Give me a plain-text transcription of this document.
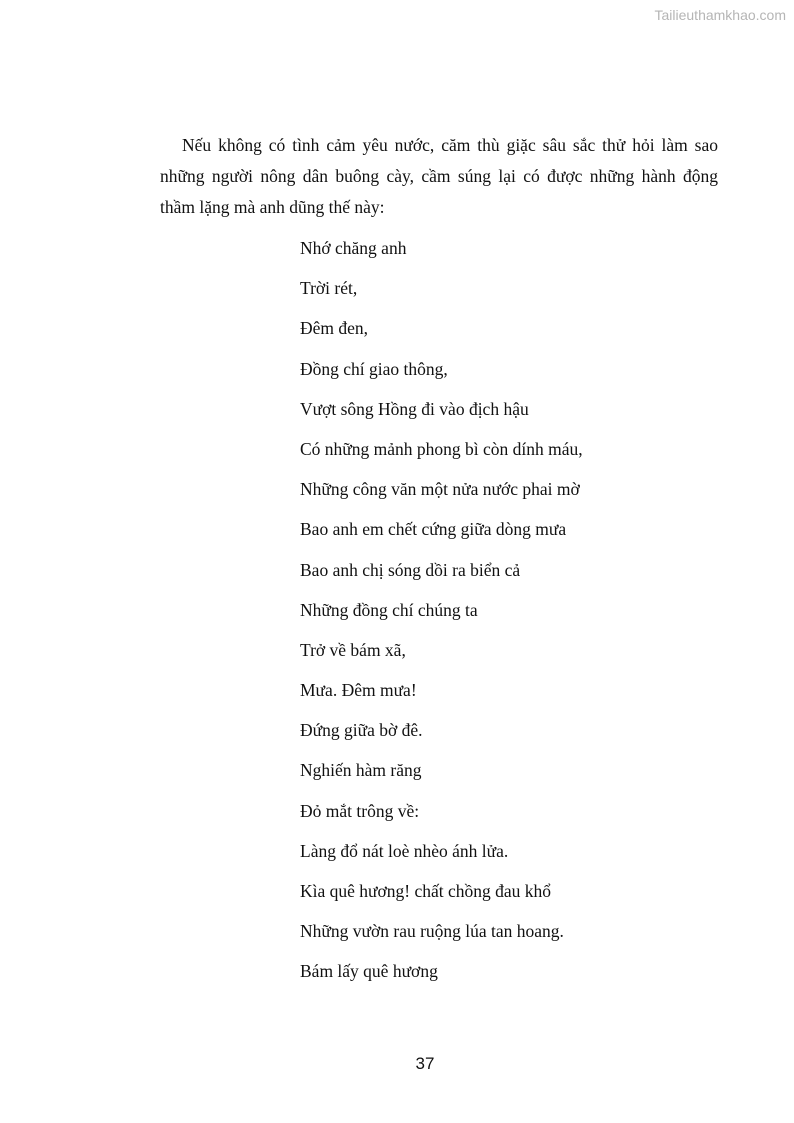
Tailieuthamkhao.com

Nếu không có tình cảm yêu nước, căm thù giặc sâu sắc thử hỏi làm sao những người nông dân buông cày, cầm súng lại có được những hành động thầm lặng mà anh dũng thế này:

Nhớ chăng anh
Trời rét,
Đêm đen,
Đồng chí giao thông,
Vượt sông Hồng đi vào địch hậu
Có những mảnh phong bì còn dính máu,
Những công văn một nửa nước phai mờ
Bao anh em chết cứng giữa dòng mưa
Bao anh chị sóng dồi ra biển cả
Những đồng chí chúng ta
Trở về bám xã,
Mưa. Đêm mưa!
Đứng giữa bờ đê.
Nghiến hàm răng
Đỏ mắt trông về:
Làng đổ nát loè nhèo ánh lửa.
Kìa quê hương! chất chồng đau khổ
Những vườn rau ruộng lúa tan hoang.
Bám lấy quê hương
37
